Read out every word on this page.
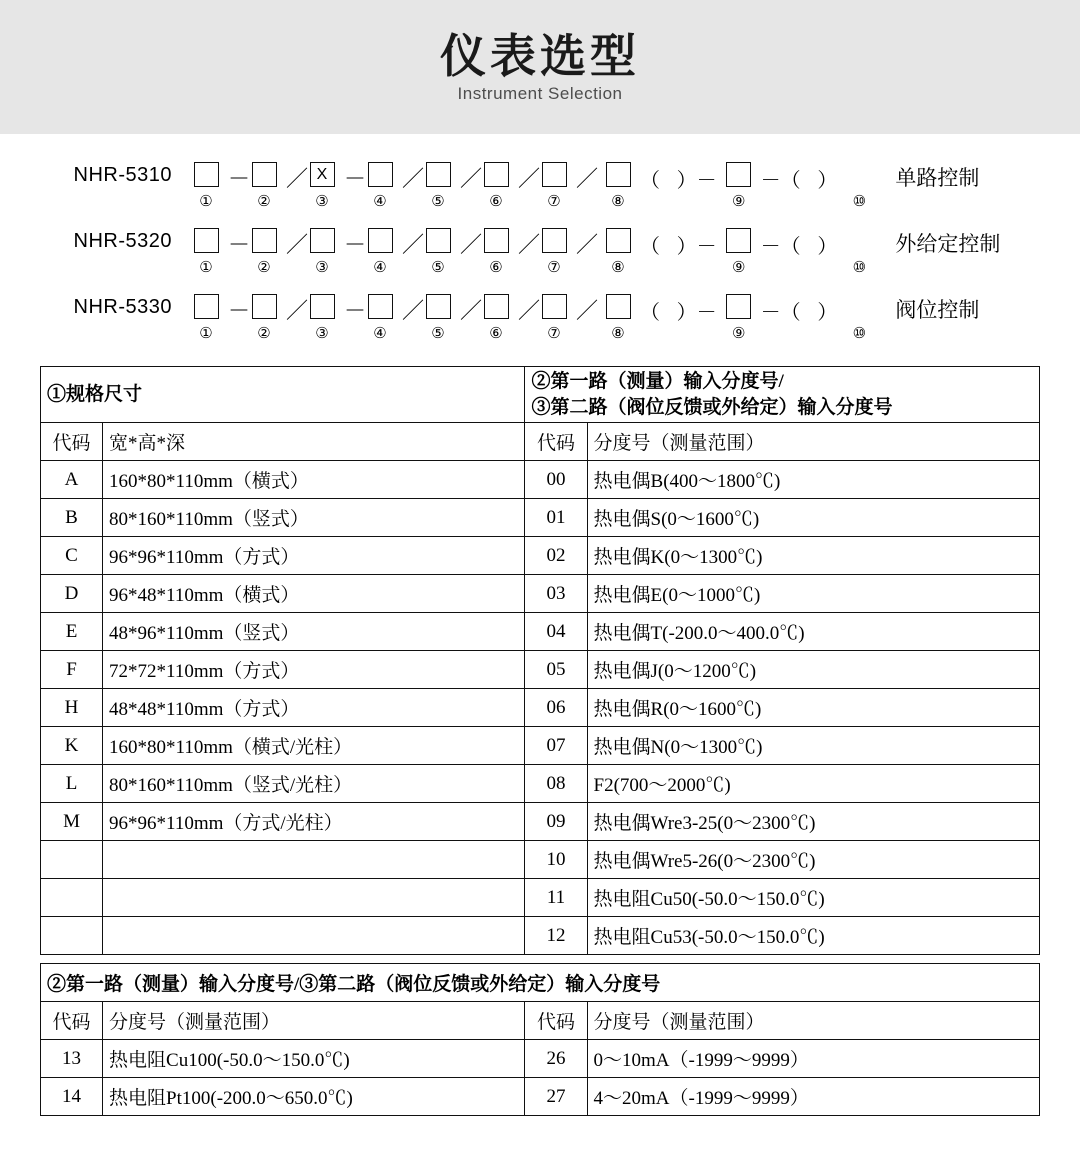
仪表选型
Instrument Selection
NHR-5310
①
－
②
／ X
③
－
④
／
⑤
／
⑥
／
⑦
／
⑧
（   ）－
⑨
－（   ）
⑩
单路控制
NHR-5320
①
－
②
／
③
－
④
／
⑤
／
⑥
／
⑦
／
⑧
（   ）－
⑨
－（   ）
⑩
外给定控制
NHR-5330
①
－
②
／
③
－
④
／
⑤
／
⑥
／
⑦
／
⑧
（   ）－
⑨
－（   ）
⑩
阀位控制
①规格尺寸		②第一路（测量）输入分度号/
③第二路（阀位反馈或外给定）输入分度号	

代码	宽*高*深	代码	分度号（测量范围）
A	160*80*110mm（横式）	00	热电偶B(400～1800℃)
B	80*160*110mm（竖式）	01	热电偶S(0～1600℃)
C	96*96*110mm（方式）	02	热电偶K(0～1300℃)
D	96*48*110mm（横式）	03	热电偶E(0～1000℃)
E	48*96*110mm（竖式）	04	热电偶T(-200.0～400.0℃)
F	72*72*110mm（方式）	05	热电偶J(0～1200℃)
H	48*48*110mm（方式）	06	热电偶R(0～1600℃)
K	160*80*110mm（横式/光柱）	07	热电偶N(0～1300℃)
L	80*160*110mm（竖式/光柱）	08	F2(700～2000℃)
M	96*96*110mm（方式/光柱）	09	热电偶Wre3-25(0～2300℃)
		10	热电偶Wre5-26(0～2300℃)
		11	热电阻Cu50(-50.0～150.0℃)
		12	热电阻Cu53(-50.0～150.0℃)
②第一路（测量）输入分度号/③第二路（阀位反馈或外给定）输入分度号			
代码	分度号（测量范围）	代码	分度号（测量范围）
13	热电阻Cu100(-50.0～150.0℃)	26	0～10mA（-1999～9999）
14	热电阻Pt100(-200.0～650.0℃)	27	4～20mA（-1999～9999）
